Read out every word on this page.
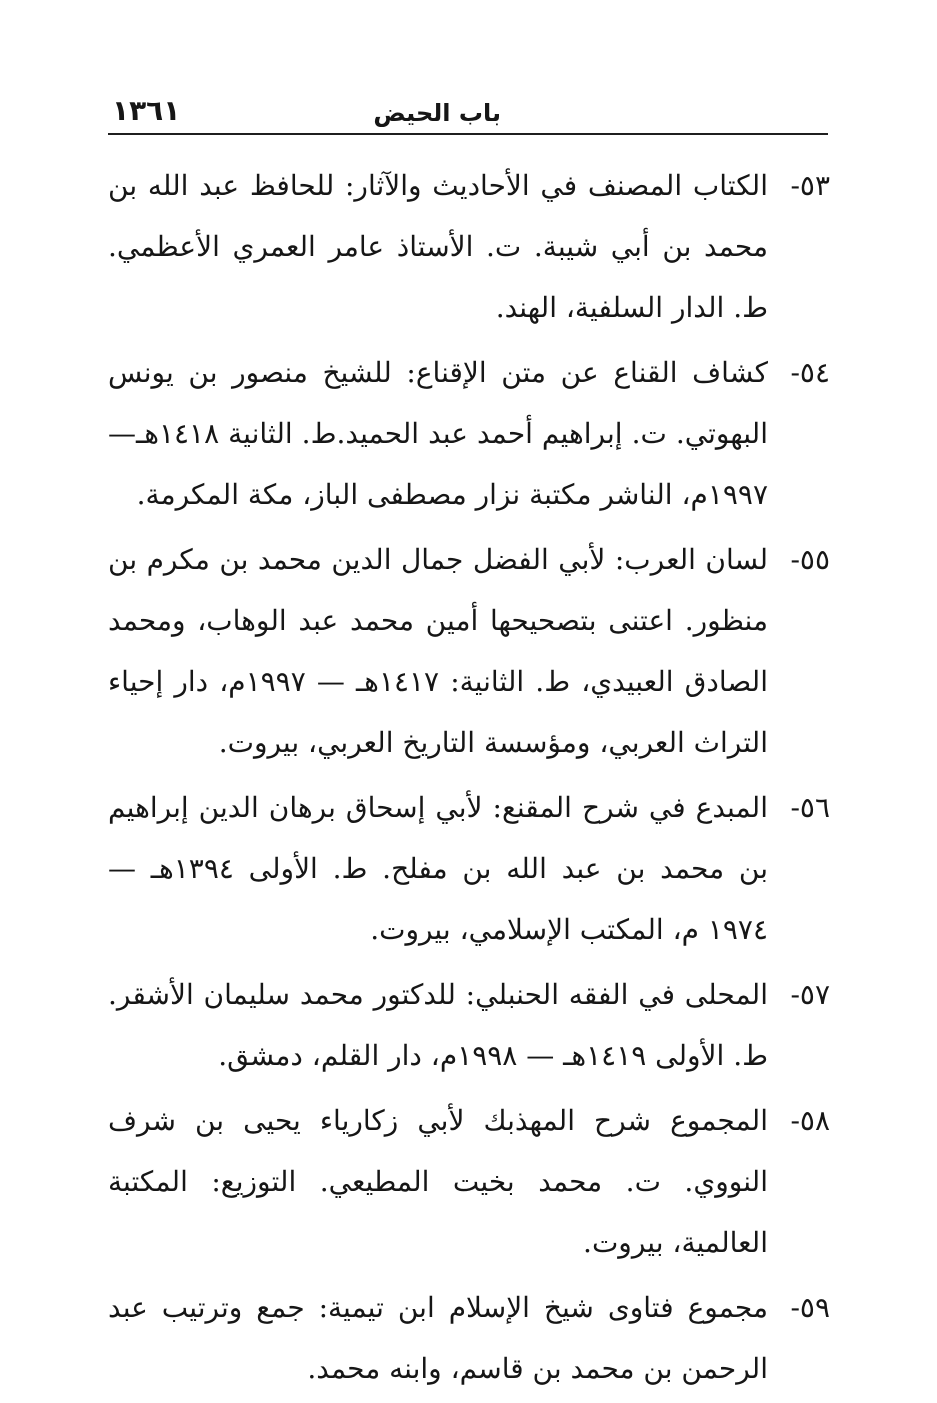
باب الحيض
١٣٦١
٥٣-
الكتاب المصنف في الأحاديث والآثار: للحافظ عبد الله بن محمد بن أبي شيبة. ت. الأستاذ عامر العمري الأعظمي. ط. الدار السلفية، الهند.
٥٤-
كشاف القناع عن متن الإقناع: للشيخ منصور بن يونس البهوتي. ت. إبراهيم أحمد عبد الحميد.ط. الثانية ١٤١٨هـ—١٩٩٧م، الناشر مكتبة نزار مصطفى الباز، مكة المكرمة.
٥٥-
لسان العرب: لأبي الفضل جمال الدين محمد بن مكرم بن منظور. اعتنى بتصحيحها أمين محمد عبد الوهاب، ومحمد الصادق العبيدي، ط. الثانية: ١٤١٧هـ — ١٩٩٧م، دار إحياء التراث العربي، ومؤسسة التاريخ العربي، بيروت.
٥٦-
المبدع في شرح المقنع: لأبي إسحاق برهان الدين إبراهيم بن محمد بن عبد الله بن مفلح. ط. الأولى ١٣٩٤هـ —١٩٧٤ م، المكتب الإسلامي، بيروت.
٥٧-
المحلى في الفقه الحنبلي: للدكتور محمد سليمان الأشقر. ط. الأولى ١٤١٩هـ — ١٩٩٨م، دار القلم، دمشق.
٥٨-
المجموع شرح المهذبك لأبي زكارياء يحيى بن شرف النووي. ت. محمد بخيت المطيعي. التوزيع: المكتبة العالمية، بيروت.
٥٩-
مجموع فتاوى شيخ الإسلام ابن تيمية: جمع وترتيب عبد الرحمن بن محمد بن قاسم، وابنه محمد.
